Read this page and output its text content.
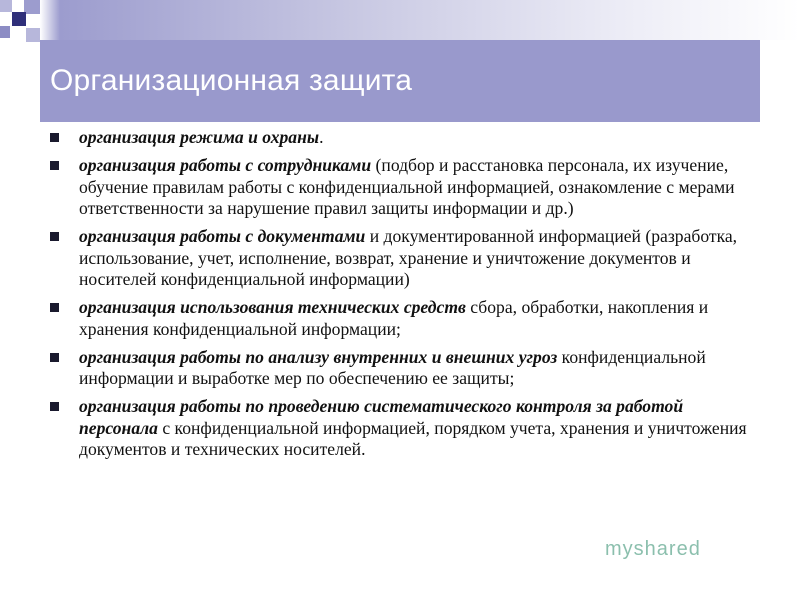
Организационная защита
организация режима и охраны.
организация работы с сотрудниками (подбор и расстановка персонала, их изучение, обучение правилам работы с конфиденциальной информацией, ознакомление с мерами ответственности за нарушение правил защиты информации и др.)
организация работы с документами и документированной информацией (разработка, использование, учет, исполнение, возврат, хранение и уничтожение документов и носителей конфиденциальной информации)
организация использования технических средств сбора, обработки, накопления и хранения конфиденциальной информации;
организация работы по анализу внутренних и внешних угроз конфиденциальной информации и выработке мер по обеспечению ее защиты;
организация работы по проведению систематического контроля за работой персонала с конфиденциальной информацией, порядком учета, хранения и уничтожения документов и технических носителей.
myshared
